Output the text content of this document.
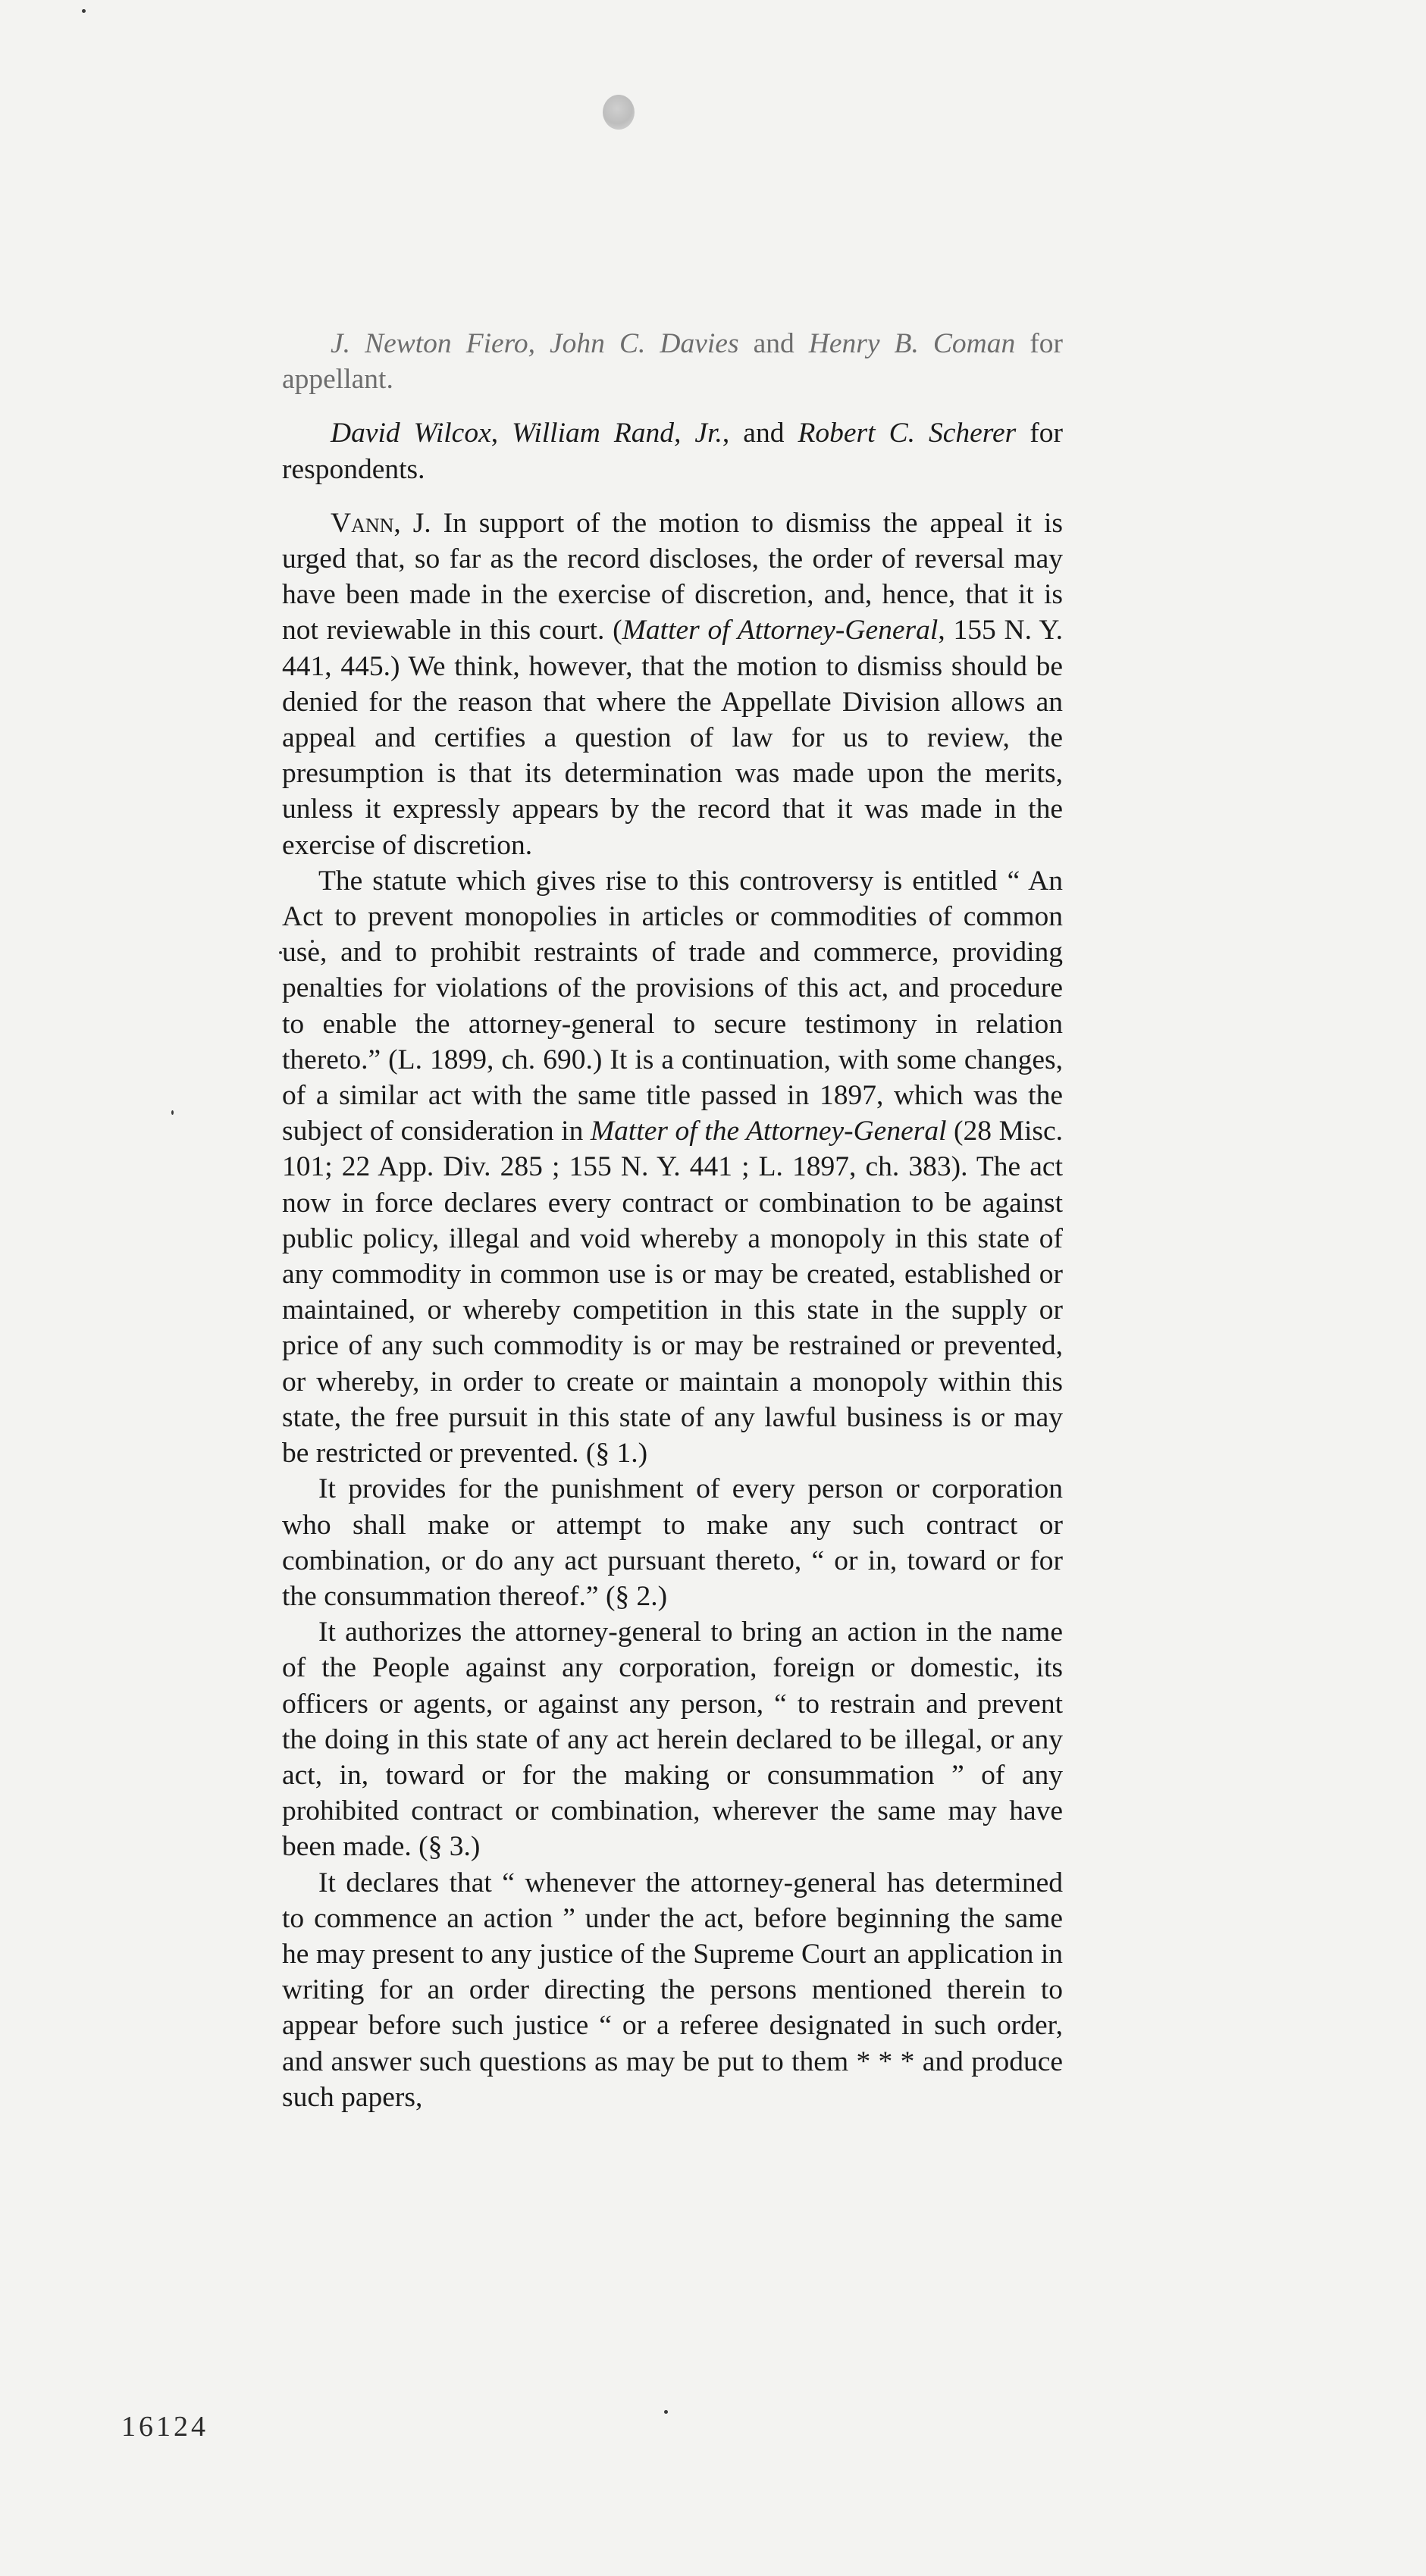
J. Newton Fiero, John C. Davies and Henry B. Coman for appellant.

David Wilcox, William Rand, Jr., and Robert C. Scherer for respondents.

Vann, J. In support of the motion to dismiss the appeal it is urged that, so far as the record discloses, the order of reversal may have been made in the exercise of discretion, and, hence, that it is not reviewable in this court. (Matter of Attorney-General, 155 N. Y. 441, 445.) We think, however, that the motion to dismiss should be denied for the reason that where the Appellate Division allows an appeal and certifies a question of law for us to review, the presumption is that its determination was made upon the merits, unless it expressly appears by the record that it was made in the exercise of discretion.

The statute which gives rise to this controversy is entitled “ An Act to prevent monopolies in articles or commodities of common use, and to prohibit restraints of trade and commerce, providing penalties for violations of the provisions of this act, and procedure to enable the attorney-general to secure testimony in relation thereto.” (L. 1899, ch. 690.) It is a continuation, with some changes, of a similar act with the same title passed in 1897, which was the subject of consideration in Matter of the Attorney-General (28 Misc. 101; 22 App. Div. 285 ; 155 N. Y. 441 ; L. 1897, ch. 383). The act now in force declares every contract or combination to be against public policy, illegal and void whereby a monopoly in this state of any commodity in common use is or may be created, established or maintained, or whereby competition in this state in the supply or price of any such commodity is or may be restrained or prevented, or whereby, in order to create or maintain a monopoly within this state, the free pursuit in this state of any lawful business is or may be restricted or prevented. (§ 1.)

It provides for the punishment of every person or corporation who shall make or attempt to make any such contract or combination, or do any act pursuant thereto, “ or in, toward or for the consummation thereof.” (§ 2.)

It authorizes the attorney-general to bring an action in the name of the People against any corporation, foreign or domestic, its officers or agents, or against any person, “ to restrain and prevent the doing in this state of any act herein declared to be illegal, or any act, in, toward or for the making or consummation ” of any prohibited contract or combination, wherever the same may have been made. (§ 3.)

It declares that “ whenever the attorney-general has determined to commence an action ” under the act, before beginning the same he may present to any justice of the Supreme Court an application in writing for an order directing the persons mentioned therein to appear before such justice “ or a referee designated in such order, and answer such questions as may be put to them * * * and produce such papers,

16124
